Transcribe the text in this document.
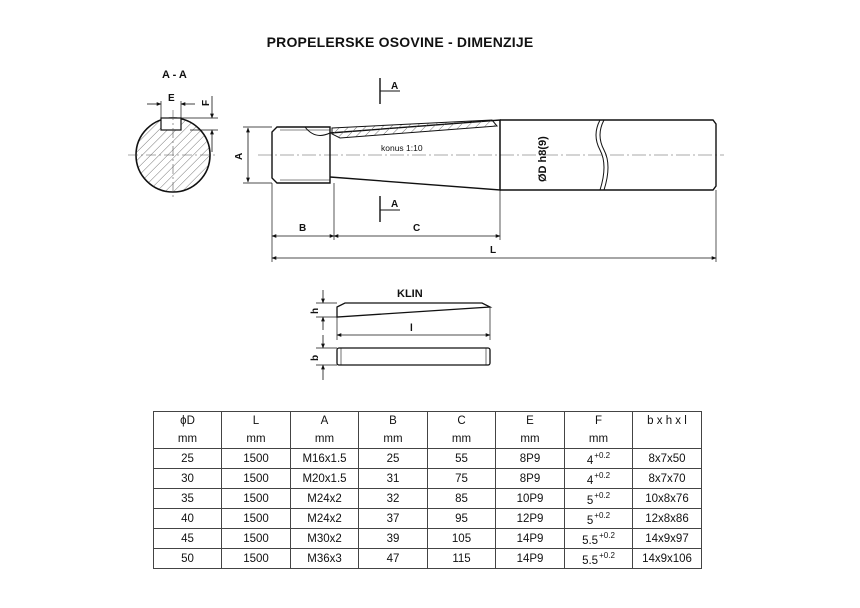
PROPELERSKE OSOVINE - DIMENZIJE
E	F
A - A
konus 1:10	ØD h8(9)
A
A
A
B	C
L
KLIN
h
l
b
ϕD	L	A	B	C	E	F	b x h x l
mm	mm	mm	mm	mm	mm	mm	
25	1500	M16x1.5	25	55	8P9	$4^{+0.2}$	8x7x50
30	1500	M20x1.5	31	75	8P9	$4^{+0.2}$	8x7x70
35	1500	M24x2	32	85	10P9	$5^{+0.2}$	10x8x76
40	1500	M24x2	37	95	12P9	$5^{+0.2}$	12x8x86
45	1500	M30x2	39	105	14P9	$5.5^{+0.2}$	14x9x97
50	1500	M36x3	47	115	14P9	$5.5^{+0.2}$	14x9x106
